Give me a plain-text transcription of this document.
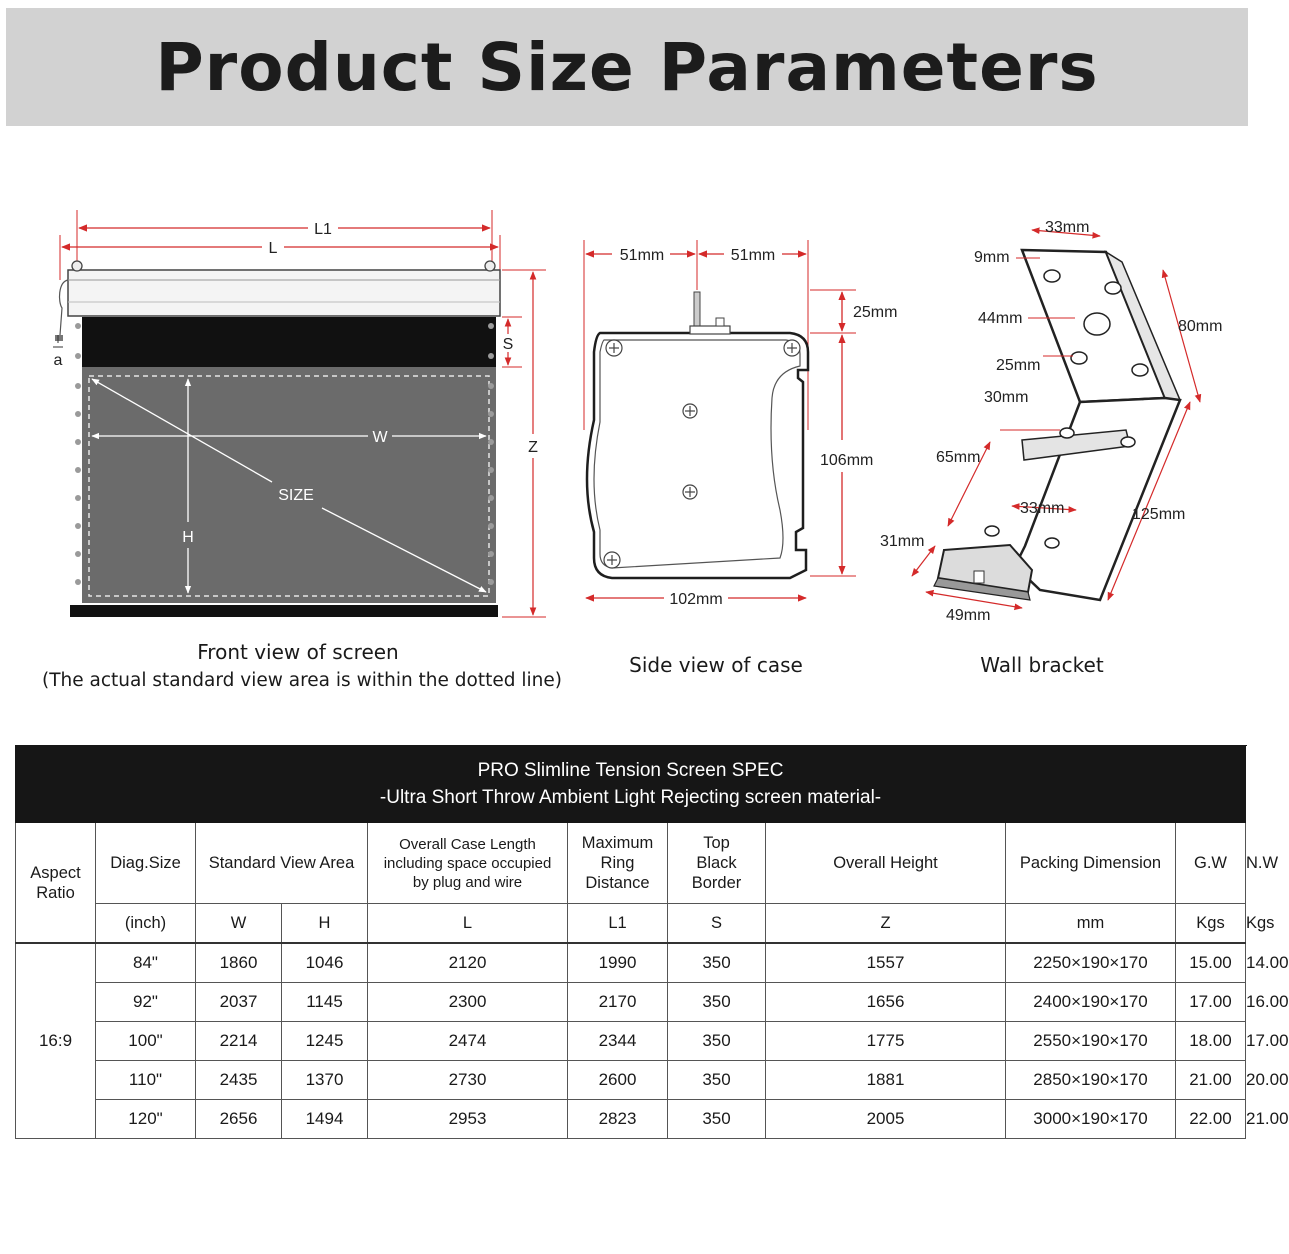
Product Size Parameters
L1
L
W
H
SIZE
S
Z
a
Front view of screen
(The actual standard view area is within the dotted line)
51mm	51mm
25mm
106mm
102mm
Side view of case
33mm
9mm
44mm
25mm
80mm
30mm
65mm
33mm	125mm
31mm
49mm
Wall bracket
PRO Slimline Tension Screen SPEC
-Ultra Short Throw Ambient Light Rejecting screen material-										

Aspect Ratio	Diag.Size	Standard View Area		Overall Case Length including space occupied by plug and wire	Maximum Ring Distance	Top Black Border	Overall Height	Packing Dimension	G.W	N.W
	(inch)	W	H	L	L1	S	Z	mm	Kgs	Kgs
16:9	84"	1860	1046	2120	1990	350	1557	2250×190×170	15.00	14.00
	92"	2037	1145	2300	2170	350	1656	2400×190×170	17.00	16.00
	100"	2214	1245	2474	2344	350	1775	2550×190×170	18.00	17.00
	110"	2435	1370	2730	2600	350	1881	2850×190×170	21.00	20.00
	120"	2656	1494	2953	2823	350	2005	3000×190×170	22.00	21.00
